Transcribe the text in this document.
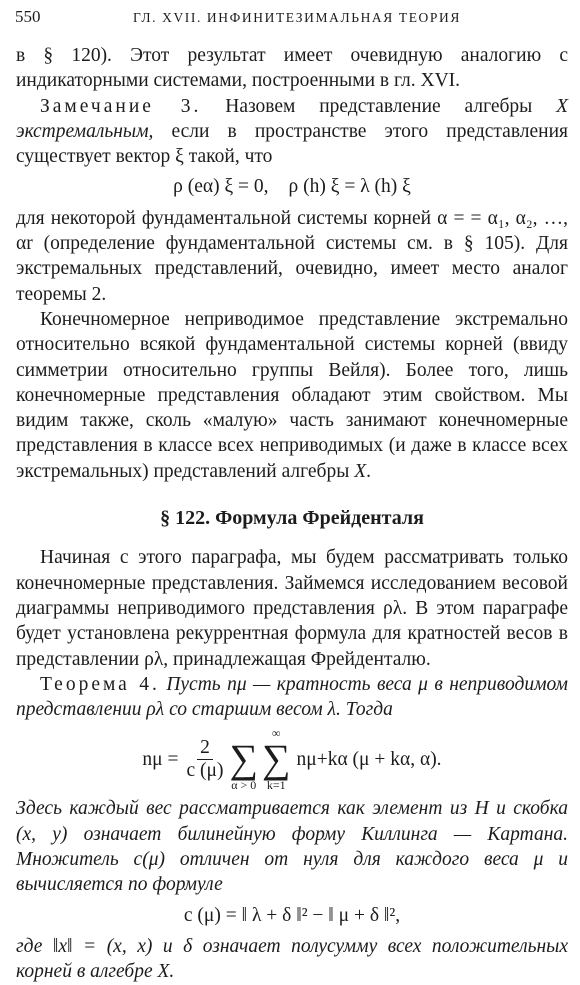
550	ГЛ. XVII. ИНФИНИТЕЗИМАЛЬНАЯ ТЕОРИЯ

в § 120). Этот результат имеет очевидную аналогию с индикаторными системами, построенными в гл. XVI.

Замечание 3. Назовем представление алгебры X экстремальным, если в пространстве этого представления существует вектор ξ такой, что

ρ (eα) ξ = 0, ρ (h) ξ = λ (h) ξ

для некоторой фундаментальной системы корней α = = α₁, α₂, …, αr (определение фундаментальной системы см. в § 105). Для экстремальных представлений, очевидно, имеет место аналог теоремы 2.

Конечномерное неприводимое представление экстремально относительно всякой фундаментальной системы корней (ввиду симметрии относительно группы Вейля). Более того, лишь конечномерные представления обладают этим свойством. Мы видим также, сколь «малую» часть занимают конечномерные представления в классе всех неприводимых (и даже в классе всех экстремальных) представлений алгебры X.

§ 122. Формула Фрейденталя

Начиная с этого параграфа, мы будем рассматривать только конечномерные представления. Займемся исследованием весовой диаграммы неприводимого представления ρλ. В этом параграфе будет установлена рекуррентная формула для кратностей весов в представлении ρλ, принадлежащая Фрейденталю.

Теорема 4. Пусть nμ — кратность веса μ в неприводимом представлении ρλ со старшим весом λ. Тогда

$n\mu = \frac{2}{c (\mu)}$ ∑
α > 0
∞
∑
k=1
nμ+kα (μ + kα, α).

Здесь каждый вес рассматривается как элемент из H и скобка (x, y) означает билинейную форму Киллинга — Картана. Множитель c(μ) отличен от нуля для каждого веса μ и вычисляется по формуле

c (μ) = ‖ λ + δ ‖² − ‖ μ + δ ‖²,

где ‖x‖ = (x, x) и δ означает полусумму всех положительных корней в алгебре X.
